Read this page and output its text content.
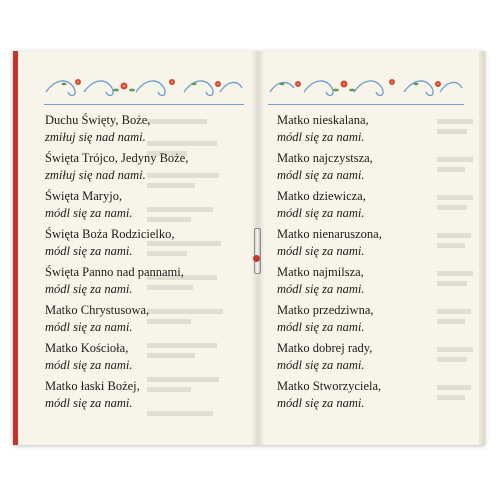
Duchu Święty, Boże,
zmiłuj się nad nami.
Święta Trójco, Jedyny Boże,
zmiłuj się nad nami.
Święta Maryjo,
módl się za nami.
Święta Boża Rodzicielko,
módl się za nami.
Święta Panno nad pannami,
módl się za nami.
Matko Chrystusowa,
módl się za nami.
Matko Kościoła,
módl się za nami.
Matko łaski Bożej,
módl się za nami.
Matko nieskalana,
módl się za nami.
Matko najczystsza,
módl się za nami.
Matko dziewicza,
módl się za nami.
Matko nienaruszona,
módl się za nami.
Matko najmilsza,
módl się za nami.
Matko przedziwna,
módl się za nami.
Matko dobrej rady,
módl się za nami.
Matko Stworzyciela,
módl się za nami.
